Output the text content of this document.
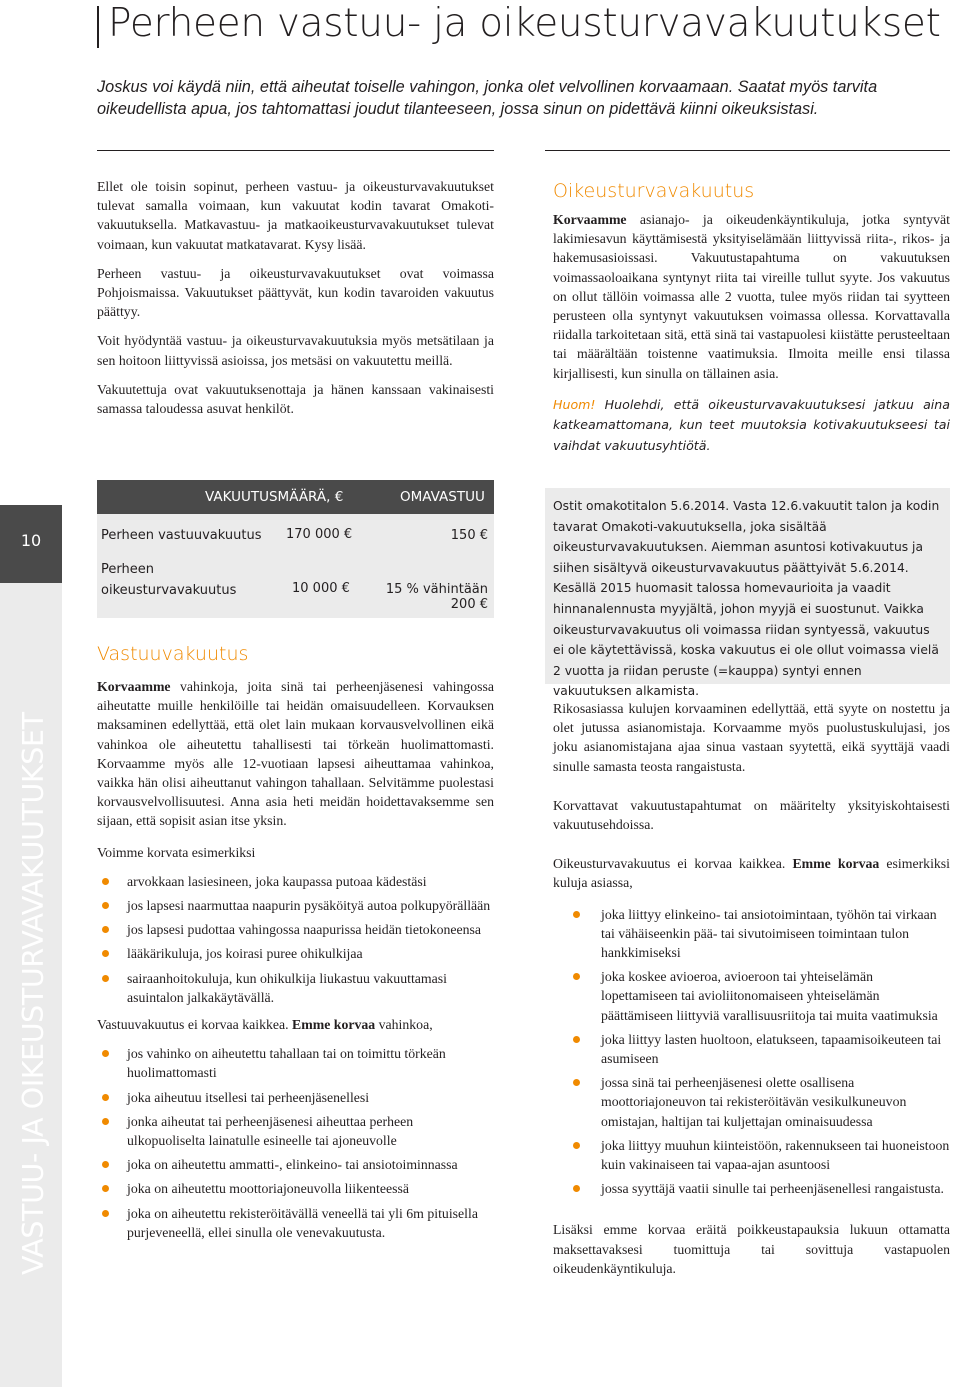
Perheen vastuu- ja oikeusturvavakuutukset
Joskus voi käydä niin, että aiheutat toiselle vahingon, jonka olet velvollinen korvaamaan. Saatat myös tarvita oikeudellista apua, jos tahtomattasi joudut tilanteeseen, jossa sinun on pidettävä kiinni oikeuksistasi.

Ellet ole toisin sopinut, perheen vastuu- ja oikeusturvavakuutukset tulevat samalla voimaan, kun vakuutat kodin tavarat Omakoti-vakuutuksella. Matkavastuu- ja matkaoikeusturvavakuutukset tulevat voimaan, kun vakuutat matkatavarat. Kysy lisää.

Perheen vastuu- ja oikeusturvavakuutukset ovat voimassa Pohjoismaissa. Vakuutukset päättyvät, kun kodin tavaroiden vakuutus päättyy.

Voit hyödyntää vastuu- ja oikeusturvavakuutuksia myös metsätilaan ja sen hoitoon liittyvissä asioissa, jos metsäsi on vakuutettu meillä.

Vakuutettuja ovat vakuutuksenottaja ja hänen kanssaan vakinaisesti samassa taloudessa asuvat henkilöt.

Oikeusturvavakuutus

Korvaamme asianajo- ja oikeudenkäyntikuluja, jotka syntyvät lakimiesavun käyttämisestä yksityiselämään liittyvissä riita-, rikos- ja hakemusasioissasi. Vakuutustapahtuma on vakuutuksen voimassaoloaikana syntynyt riita tai vireille tullut syyte. Jos vakuutus on ollut tällöin voimassa alle 2 vuotta, tulee myös riidan tai syytteen perusteen olla syntynyt vakuutuksen voimassa ollessa. Korvattavalla riidalla tarkoitetaan sitä, että sinä tai vastapuolesi kiistätte perusteeltaan tai määrältään toistenne vaatimuksia. Ilmoita meille ensi tilassa kirjallisesti, kun sinulla on tällainen asia.

Huom! Huolehdi, että oikeusturvavakuutuksesi jatkuu aina katkeamattomana, kun teet muutoksia kotivakuutukseesi tai vaihdat vakuutusyhtiötä.

10
VASTUU- JA OIKEUSTURVAVAKUUTUKSET
VAKUUTUSMÄÄRÄ, €	OMAVASTUU
Perheen vastuuvakuutus 170 000 €	150 €
Perheen
oikeusturvavakuutus	10 000 €	15 % vähintään 200 €
Ostit omakotitalon 5.6.2014. Vasta 12.6.vakuutit talon ja kodin tavarat Omakoti-vakuutuksella, joka sisältää oikeusturvavakuutuksen. Aiemman asuntosi kotivakuutus ja siihen sisältyvä oikeusturvavakuutus päättyivät 5.6.2014. Kesällä 2015 huomasit talossa homevaurioita ja vaadit hinnanalennusta myyjältä, johon myyjä ei suostunut. Vaikka oikeusturvavakuutus oli voimassa riidan syntyessä, vakuutus ei ole käytettävissä, koska vakuutus ei ole ollut voimassa vielä 2 vuotta ja riidan peruste (=kauppa) syntyi ennen vakuutuksen alkamista.
Vastuuvakuutus

Korvaamme vahinkoja, joita sinä tai perheenjäsenesi vahingossa aiheutatte muille henkilöille tai heidän omaisuudelleen. Korvauksen maksaminen edellyttää, että olet lain mukaan korvausvelvollinen eikä vahinkoa ole aiheutettu tahallisesti tai törkeän huolimattomasti. Korvaamme myös alle 12-vuotiaan lapsesi aiheuttamaa vahinkoa, vaikka hän olisi aiheuttanut vahingon tahallaan. Selvitämme puolestasi korvausvelvollisuutesi. Anna asia heti meidän hoidettavaksemme sen sijaan, että sopisit asian itse yksin.

Voimme korvata esimerkiksi

arvokkaan lasiesineen, joka kaupassa putoaa kädestäsi
jos lapsesi naarmuttaa naapurin pysäköityä autoa polkupyörällään
jos lapsesi pudottaa vahingossa naapurissa heidän tietokoneensa
lääkärikuluja, jos koirasi puree ohikulkijaa
sairaanhoitokuluja, kun ohikulkija liukastuu vakuuttamasi asuintalon jalkakäytävällä.

Vastuuvakuutus ei korvaa kaikkea. Emme korvaa vahinkoa,

jos vahinko on aiheutettu tahallaan tai on toimittu törkeän huolimattomasti
joka aiheutuu itsellesi tai perheenjäsenellesi
jonka aiheutat tai perheenjäsenesi aiheuttaa perheen ulkopuoliselta lainatulle esineelle tai ajoneuvolle
joka on aiheutettu ammatti-, elinkeino- tai ansiotoiminnassa
joka on aiheutettu moottoriajoneuvolla liikenteessä
joka on aiheutettu rekisteröitävällä veneellä tai yli 6m pituisella purjeveneellä, ellei sinulla ole venevakuutusta.

Rikosasiassa kulujen korvaaminen edellyttää, että syyte on nostettu ja olet jutussa asianomistaja. Korvaamme myös puolustuskulujasi, jos joku asianomistajana ajaa sinua vastaan syytettä, eikä syyttäjä vaadi sinulle samasta teosta rangaistusta.

Korvattavat vakuutustapahtumat on määritelty yksityiskohtaisesti vakuutusehdoissa.

Oikeusturvavakuutus ei korvaa kaikkea. Emme korvaa esimerkiksi kuluja asiassa,

joka liittyy elinkeino- tai ansiotoimintaan, työhön tai virkaan tai vähäiseenkin pää- tai sivutoimiseen toimintaan tulon hankkimiseksi
joka koskee avioeroa, avioeroon tai yhteiselämän lopettamiseen tai avioliitonomaiseen yhteiselämän päättämiseen liittyviä varallisuusriitoja tai muita vaatimuksia
joka liittyy lasten huoltoon, elatukseen, tapaamisoikeuteen tai asumiseen
jossa sinä tai perheenjäsenesi olette osallisena moottoriajoneuvon tai rekisteröitävän vesikulkuneuvon omistajan, haltijan tai kuljettajan ominaisuudessa
joka liittyy muuhun kiinteistöön, rakennukseen tai huoneistoon kuin vakinaiseen tai vapaa-ajan asuntoosi
jossa syyttäjä vaatii sinulle tai perheenjäsenellesi rangaistusta.

Lisäksi emme korvaa eräitä poikkeustapauksia lukuun ottamatta maksettavaksesi tuomittuja tai sovittuja vastapuolen oikeudenkäyntikuluja.
